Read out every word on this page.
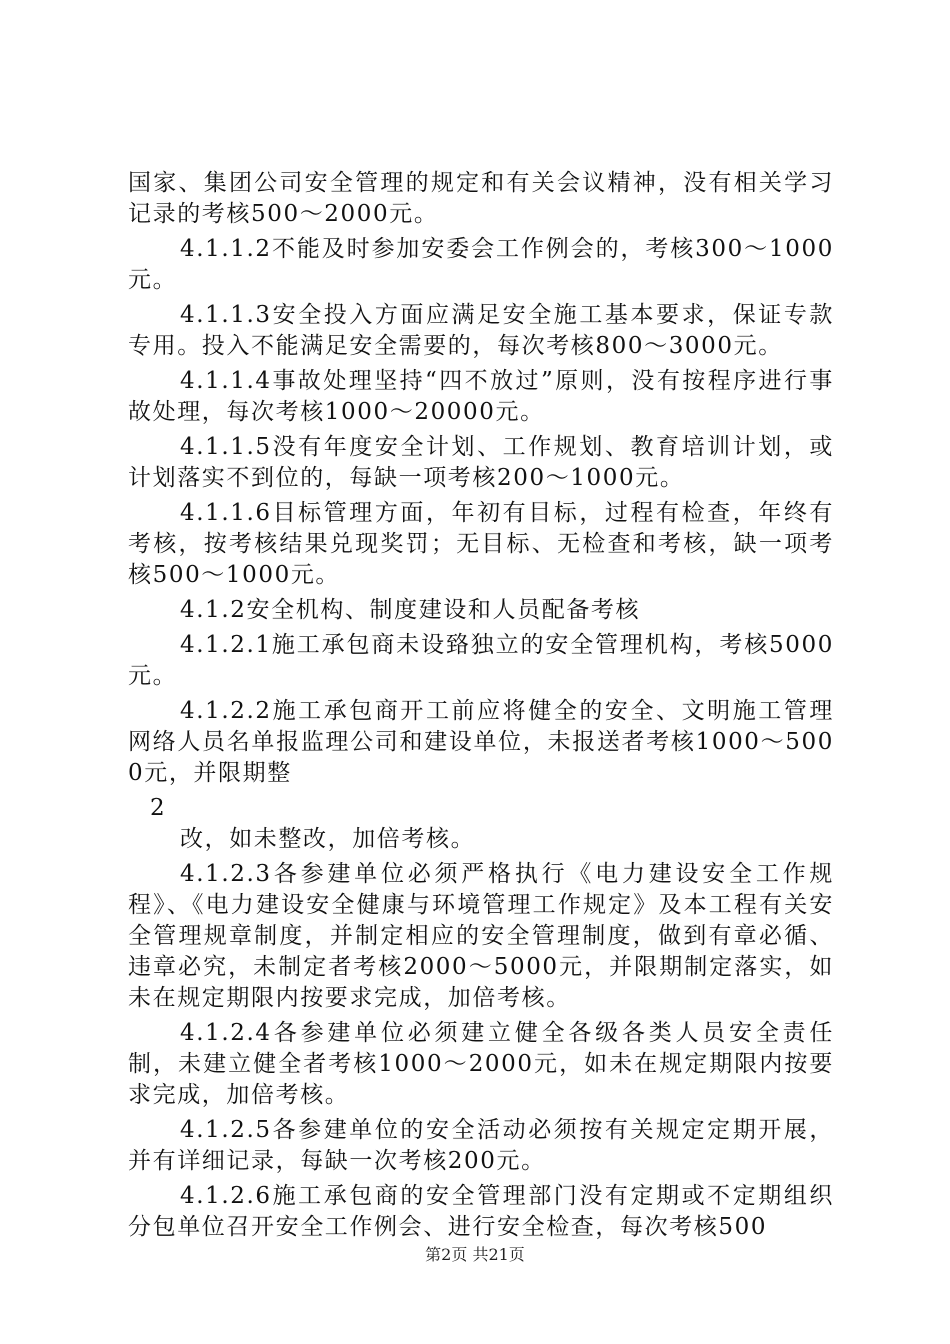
国家、集团公司安全管理的规定和有关会议精神，没有相关学习记录的考核500～2000元。

4.1.1.2不能及时参加安委会工作例会的，考核300～1000元。

4.1.1.3安全投入方面应满足安全施工基本要求，保证专款专用。投入不能满足安全需要的，每次考核800～3000元。

4.1.1.4事故处理坚持“四不放过”原则，没有按程序进行事故处理，每次考核1000～20000元。

4.1.1.5没有年度安全计划、工作规划、教育培训计划，或计划落实不到位的，每缺一项考核200～1000元。

4.1.1.6目标管理方面，年初有目标，过程有检查，年终有考核，按考核结果兑现奖罚；无目标、无检查和考核，缺一项考核500～1000元。

4.1.2安全机构、制度建设和人员配备考核

4.1.2.1施工承包商未设臵独立的安全管理机构，考核5000元。

4.1.2.2施工承包商开工前应将健全的安全、文明施工管理网络人员名单报监理公司和建设单位，未报送者考核1000～5000元，并限期整

2

改，如未整改，加倍考核。

4.1.2.3各参建单位必须严格执行《电力建设安全工作规程》、《电力建设安全健康与环境管理工作规定》及本工程有关安全管理规章制度，并制定相应的安全管理制度，做到有章必循、违章必究，未制定者考核2000～5000元，并限期制定落实，如未在规定期限内按要求完成，加倍考核。

4.1.2.4各参建单位必须建立健全各级各类人员安全责任制，未建立健全者考核1000～2000元，如未在规定期限内按要求完成，加倍考核。

4.1.2.5各参建单位的安全活动必须按有关规定定期开展，并有详细记录，每缺一次考核200元。

4.1.2.6施工承包商的安全管理部门没有定期或不定期组织分包单位召开安全工作例会、进行安全检查，每次考核500

第2页 共21页
